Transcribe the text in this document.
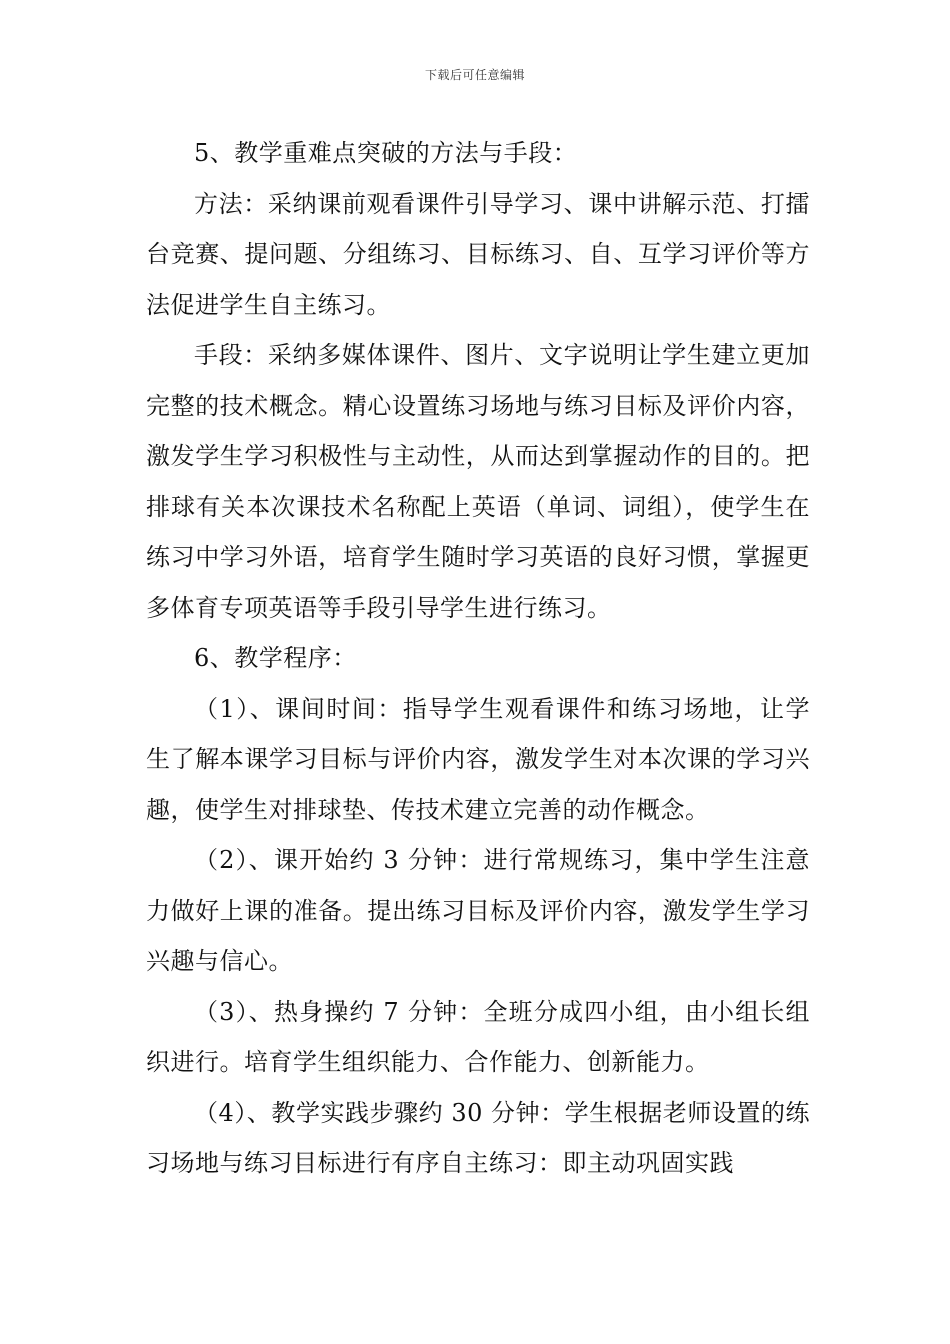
下载后可任意编辑

5、教学重难点突破的方法与手段：

方法：采纳课前观看课件引导学习、课中讲解示范、打擂台竞赛、提问题、分组练习、目标练习、自、互学习评价等方法促进学生自主练习。

手段：采纳多媒体课件、图片、文字说明让学生建立更加完整的技术概念。精心设置练习场地与练习目标及评价内容，激发学生学习积极性与主动性，从而达到掌握动作的目的。把排球有关本次课技术名称配上英语（单词、词组），使学生在练习中学习外语，培育学生随时学习英语的良好习惯，掌握更多体育专项英语等手段引导学生进行练习。

6、教学程序：

（1）、课间时间：指导学生观看课件和练习场地，让学生了解本课学习目标与评价内容，激发学生对本次课的学习兴趣，使学生对排球垫、传技术建立完善的动作概念。

（2）、课开始约 3 分钟：进行常规练习，集中学生注意力做好上课的准备。提出练习目标及评价内容，激发学生学习兴趣与信心。

（3）、热身操约 7 分钟：全班分成四小组，由小组长组织进行。培育学生组织能力、合作能力、创新能力。

（4）、教学实践步骤约 30 分钟：学生根据老师设置的练习场地与练习目标进行有序自主练习：即主动巩固实践
